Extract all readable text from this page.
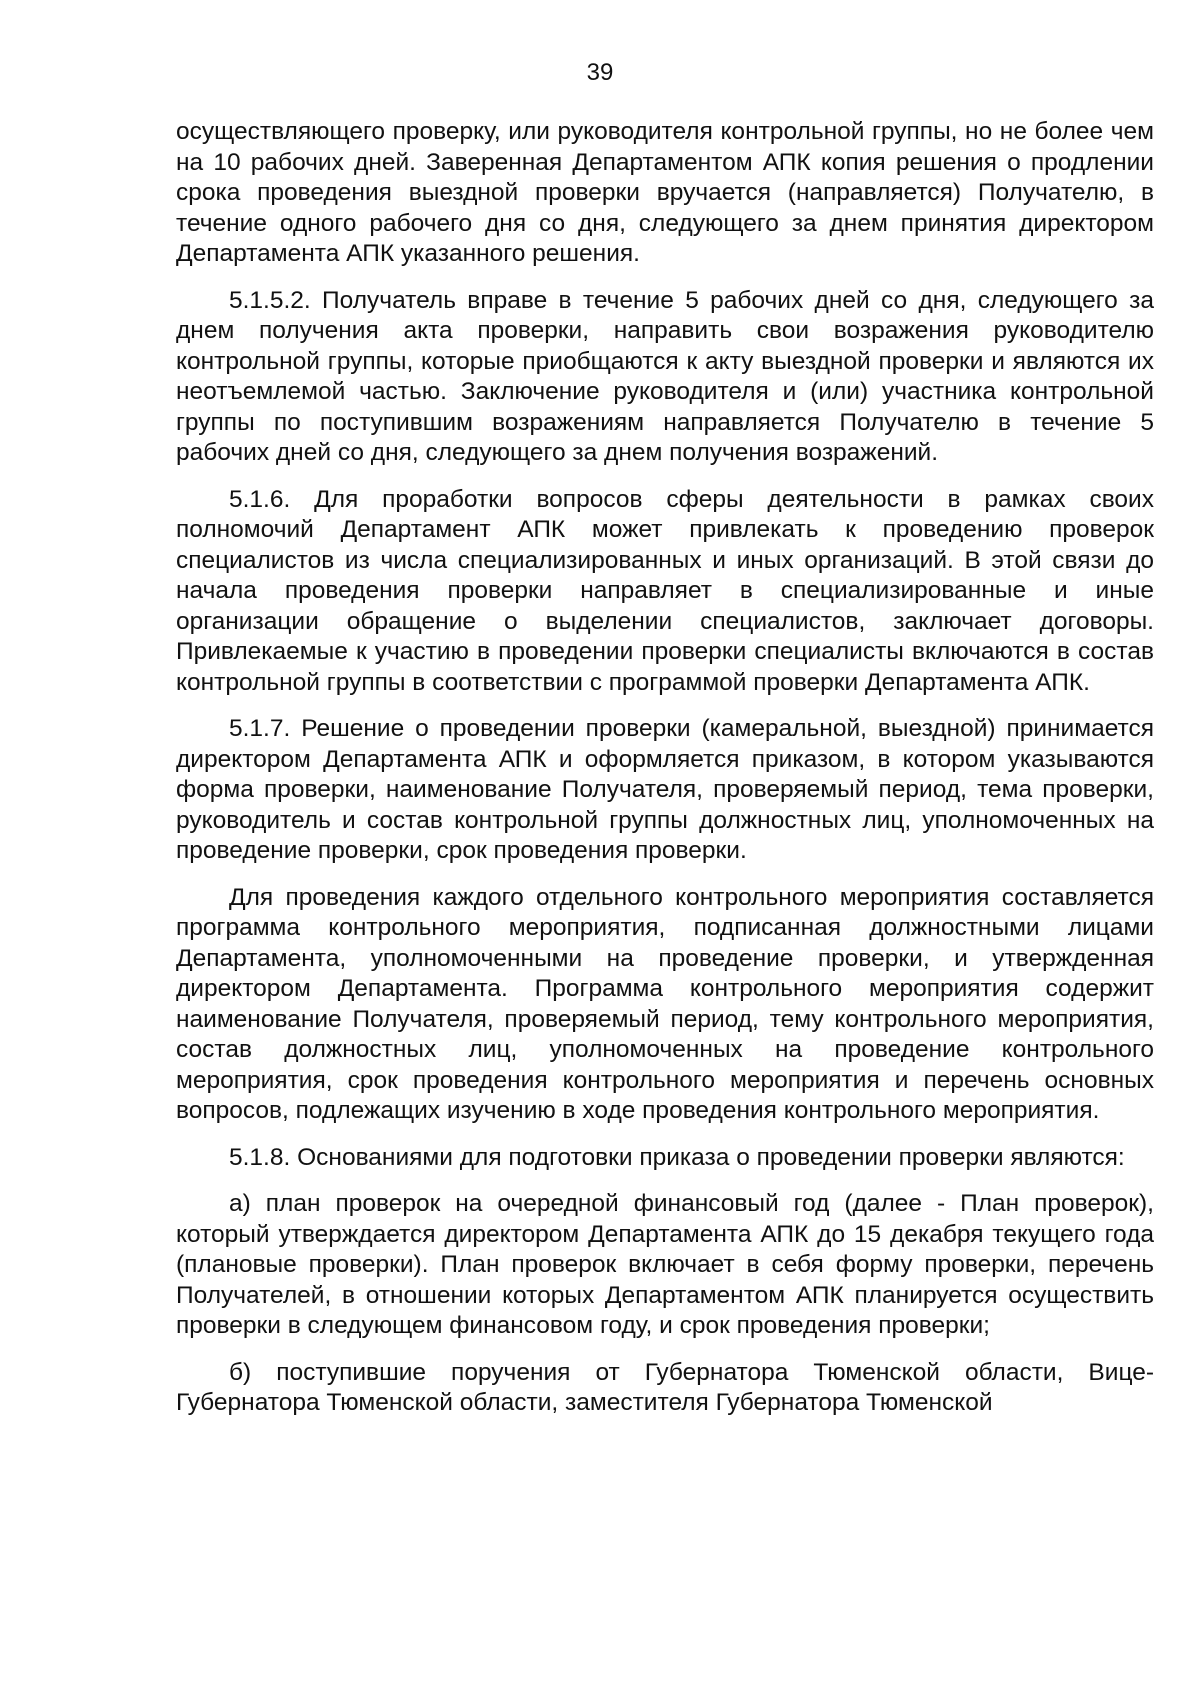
39

осуществляющего проверку, или руководителя контрольной группы, но не более чем на 10 рабочих дней. Заверенная Департаментом АПК копия решения о продлении срока проведения выездной проверки вручается (направляется) Получателю, в течение одного рабочего дня со дня, следующего за днем принятия директором Департамента АПК указанного решения.

5.1.5.2. Получатель вправе в течение 5 рабочих дней со дня, следующего за днем получения акта проверки, направить свои возражения руководителю контрольной группы, которые приобщаются к акту выездной проверки и являются их неотъемлемой частью. Заключение руководителя и (или) участника контрольной группы по поступившим возражениям направляется Получателю в течение 5 рабочих дней со дня, следующего за днем получения возражений.

5.1.6. Для проработки вопросов сферы деятельности в рамках своих полномочий Департамент АПК может привлекать к проведению проверок специалистов из числа специализированных и иных организаций. В этой связи до начала проведения проверки направляет в специализированные и иные организации обращение о выделении специалистов, заключает договоры. Привлекаемые к участию в проведении проверки специалисты включаются в состав контрольной группы в соответствии с программой проверки Департамента АПК.

5.1.7. Решение о проведении проверки (камеральной, выездной) принимается директором Департамента АПК и оформляется приказом, в котором указываются форма проверки, наименование Получателя, проверяемый период, тема проверки, руководитель и состав контрольной группы должностных лиц, уполномоченных на проведение проверки, срок проведения проверки.

Для проведения каждого отдельного контрольного мероприятия составляется программа контрольного мероприятия, подписанная должностными лицами Департамента, уполномоченными на проведение проверки, и утвержденная директором Департамента. Программа контрольного мероприятия содержит наименование Получателя, проверяемый период, тему контрольного мероприятия, состав должностных лиц, уполномоченных на проведение контрольного мероприятия, срок проведения контрольного мероприятия и перечень основных вопросов, подлежащих изучению в ходе проведения контрольного мероприятия.

5.1.8. Основаниями для подготовки приказа о проведении проверки являются:

а) план проверок на очередной финансовый год (далее - План проверок), который утверждается директором Департамента АПК до 15 декабря текущего года (плановые проверки). План проверок включает в себя форму проверки, перечень Получателей, в отношении которых Департаментом АПК планируется осуществить проверки в следующем финансовом году, и срок проведения проверки;

б) поступившие поручения от Губернатора Тюменской области, Вице-Губернатора Тюменской области, заместителя Губернатора Тюменской
